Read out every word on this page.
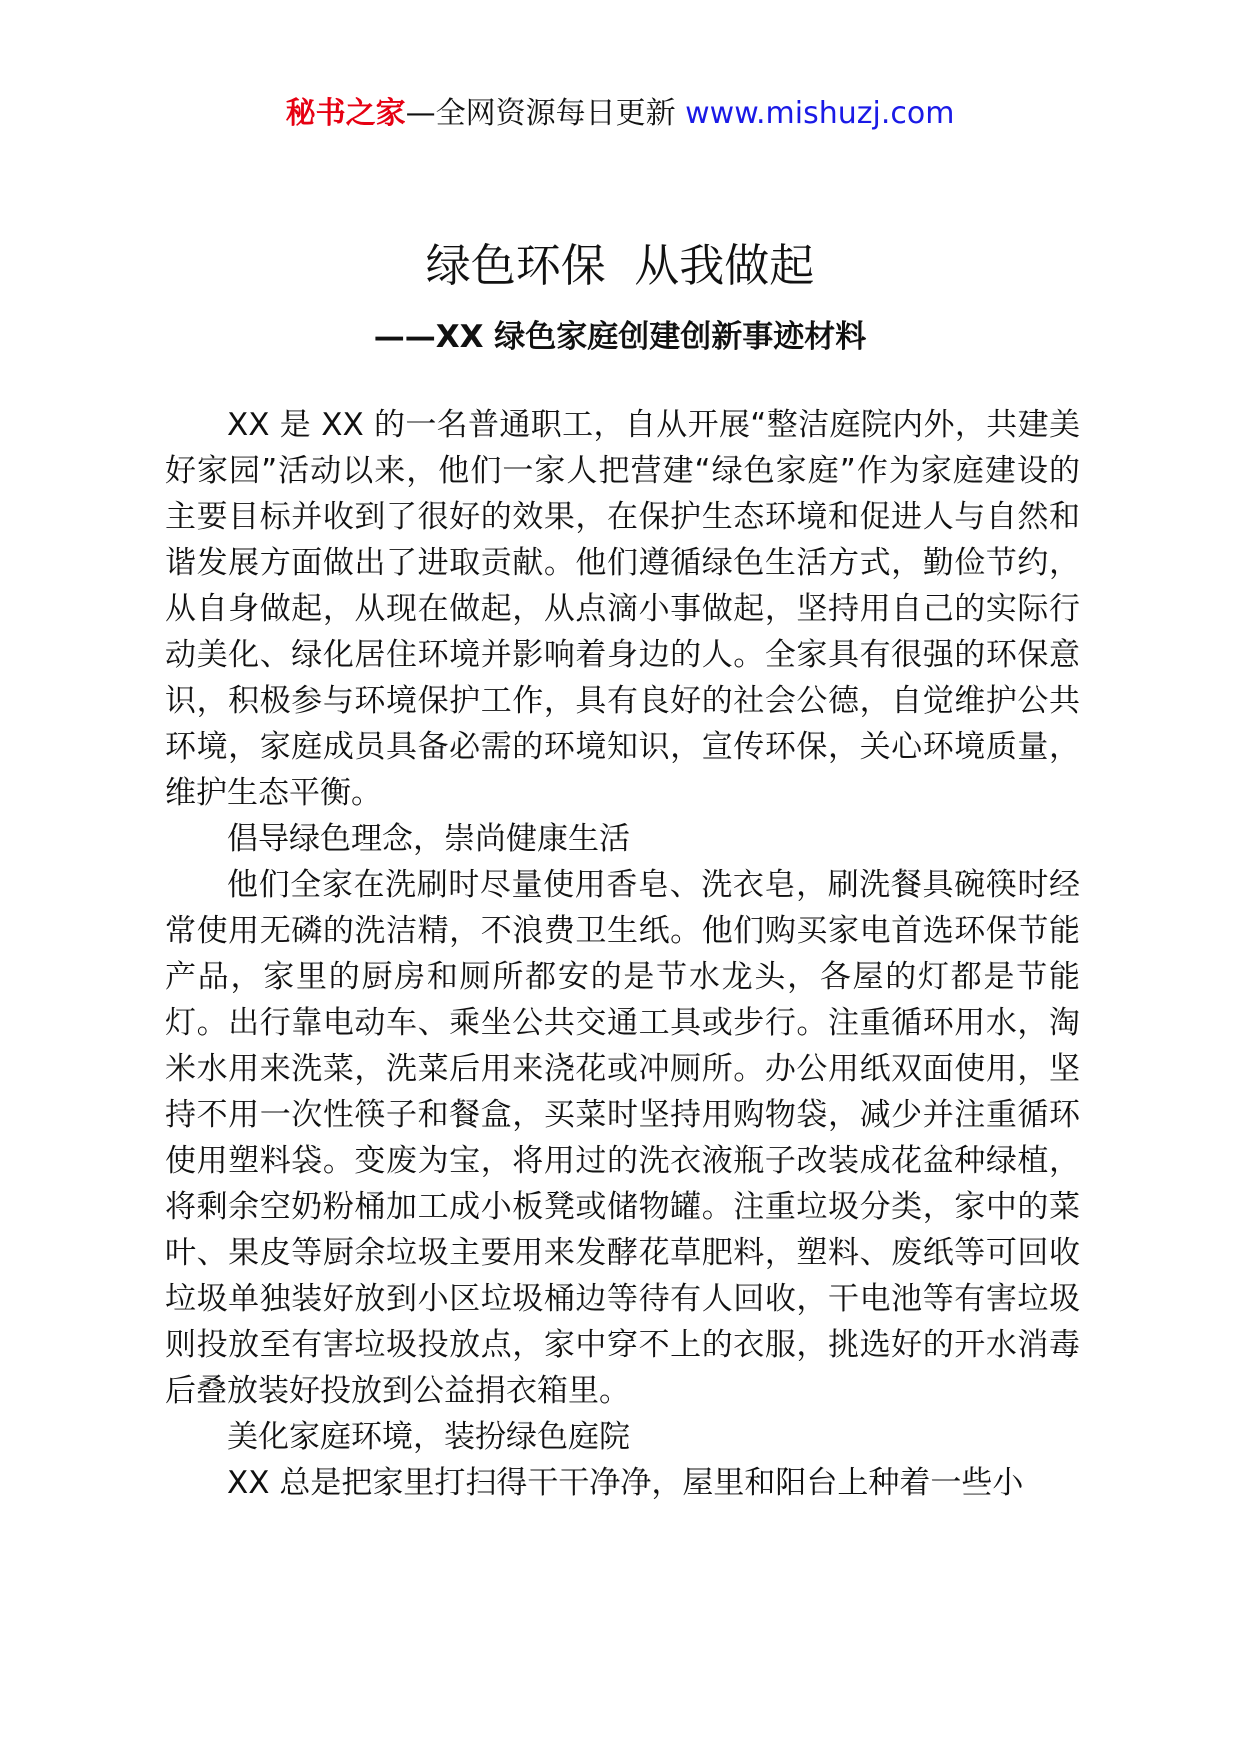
秘书之家—全网资源每日更新 www.mishuzj.com
绿色环保  从我做起
——XX 绿色家庭创建创新事迹材料

XX 是 XX 的一名普通职工，自从开展“整洁庭院内外，共建美好家园”活动以来，他们一家人把营建“绿色家庭”作为家庭建设的主要目标并收到了很好的效果，在保护生态环境和促进人与自然和谐发展方面做出了进取贡献。他们遵循绿色生活方式，勤俭节约，从自身做起，从现在做起，从点滴小事做起，坚持用自己的实际行动美化、绿化居住环境并影响着身边的人。全家具有很强的环保意识，积极参与环境保护工作，具有良好的社会公德，自觉维护公共环境，家庭成员具备必需的环境知识，宣传环保，关心环境质量，维护生态平衡。

倡导绿色理念，崇尚健康生活

他们全家在洗刷时尽量使用香皂、洗衣皂，刷洗餐具碗筷时经常使用无磷的洗洁精，不浪费卫生纸。他们购买家电首选环保节能产品，家里的厨房和厕所都安的是节水龙头，各屋的灯都是节能灯。出行靠电动车、乘坐公共交通工具或步行。注重循环用水，淘米水用来洗菜，洗菜后用来浇花或冲厕所。办公用纸双面使用，坚持不用一次性筷子和餐盒，买菜时坚持用购物袋，减少并注重循环使用塑料袋。变废为宝，将用过的洗衣液瓶子改装成花盆种绿植，将剩余空奶粉桶加工成小板凳或储物罐。注重垃圾分类，家中的菜叶、果皮等厨余垃圾主要用来发酵花草肥料，塑料、废纸等可回收垃圾单独装好放到小区垃圾桶边等待有人回收，干电池等有害垃圾则投放至有害垃圾投放点，家中穿不上的衣服，挑选好的开水消毒后叠放装好投放到公益捐衣箱里。

美化家庭环境，装扮绿色庭院

XX 总是把家里打扫得干干净净，屋里和阳台上种着一些小
